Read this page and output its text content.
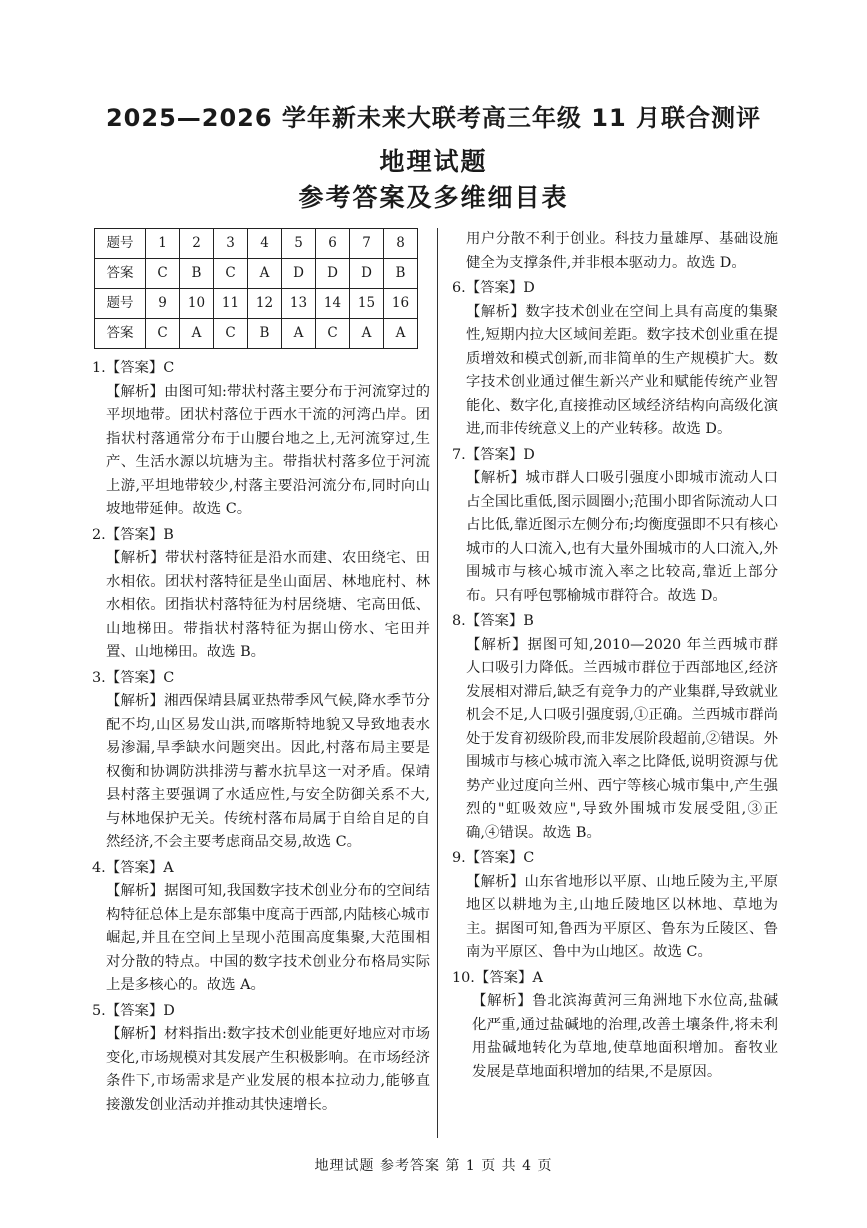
2025—2026 学年新未来大联考高三年级 11 月联合测评
地理试题
参考答案及多维细目表
题号	1	2	3	4	5	6	7	8
答案	C	B	C	A	D	D	D	B
题号	9	10	11	12	13	14	15	16
答案	C	A	C	B	A	C	A	A
1.【答案】C
【解析】由图可知:带状村落主要分布于河流穿过的平坝地带。团状村落位于西水干流的河湾凸岸。团指状村落通常分布于山腰台地之上,无河流穿过,生产、生活水源以坑塘为主。带指状村落多位于河流上游,平坦地带较少,村落主要沿河流分布,同时向山坡地带延伸。故选 C。
2.【答案】B
【解析】带状村落特征是沿水而建、农田绕宅、田水相依。团状村落特征是坐山面居、林地庇村、林水相依。团指状村落特征为村居绕塘、宅高田低、山地梯田。带指状村落特征为据山傍水、宅田并置、山地梯田。故选 B。
3.【答案】C
【解析】湘西保靖县属亚热带季风气候,降水季节分配不均,山区易发山洪,而喀斯特地貌又导致地表水易渗漏,旱季缺水问题突出。因此,村落布局主要是权衡和协调防洪排涝与蓄水抗旱这一对矛盾。保靖县村落主要强调了水适应性,与安全防御关系不大,与林地保护无关。传统村落布局属于自给自足的自然经济,不会主要考虑商品交易,故选 C。
4.【答案】A
【解析】据图可知,我国数字技术创业分布的空间结构特征总体上是东部集中度高于西部,内陆核心城市崛起,并且在空间上呈现小范围高度集聚,大范围相对分散的特点。中国的数字技术创业分布格局实际上是多核心的。故选 A。
5.【答案】D
【解析】材料指出:数字技术创业能更好地应对市场变化,市场规模对其发展产生积极影响。在市场经济条件下,市场需求是产业发展的根本拉动力,能够直接激发创业活动并推动其快速增长。
用户分散不利于创业。科技力量雄厚、基础设施健全为支撑条件,并非根本驱动力。故选 D。
6.【答案】D
【解析】数字技术创业在空间上具有高度的集聚性,短期内拉大区域间差距。数字技术创业重在提质增效和模式创新,而非简单的生产规模扩大。数字技术创业通过催生新兴产业和赋能传统产业智能化、数字化,直接推动区域经济结构向高级化演进,而非传统意义上的产业转移。故选 D。
7.【答案】D
【解析】城市群人口吸引强度小即城市流动人口占全国比重低,图示圆圈小;范围小即省际流动人口占比低,靠近图示左侧分布;均衡度强即不只有核心城市的人口流入,也有大量外围城市的人口流入,外围城市与核心城市流入率之比较高,靠近上部分布。只有呼包鄂榆城市群符合。故选 D。
8.【答案】B
【解析】据图可知,2010—2020 年兰西城市群人口吸引力降低。兰西城市群位于西部地区,经济发展相对滞后,缺乏有竞争力的产业集群,导致就业机会不足,人口吸引强度弱,①正确。兰西城市群尚处于发育初级阶段,而非发展阶段超前,②错误。外围城市与核心城市流入率之比降低,说明资源与优势产业过度向兰州、西宁等核心城市集中,产生强烈的"虹吸效应",导致外围城市发展受阻,③正确,④错误。故选 B。
9.【答案】C
【解析】山东省地形以平原、山地丘陵为主,平原地区以耕地为主,山地丘陵地区以林地、草地为主。据图可知,鲁西为平原区、鲁东为丘陵区、鲁南为平原区、鲁中为山地区。故选 C。
10.【答案】A
【解析】鲁北滨海黄河三角洲地下水位高,盐碱化严重,通过盐碱地的治理,改善土壤条件,将未利用盐碱地转化为草地,使草地面积增加。畜牧业发展是草地面积增加的结果,不是原因。
地理试题 参考答案 第 1 页 共 4 页
